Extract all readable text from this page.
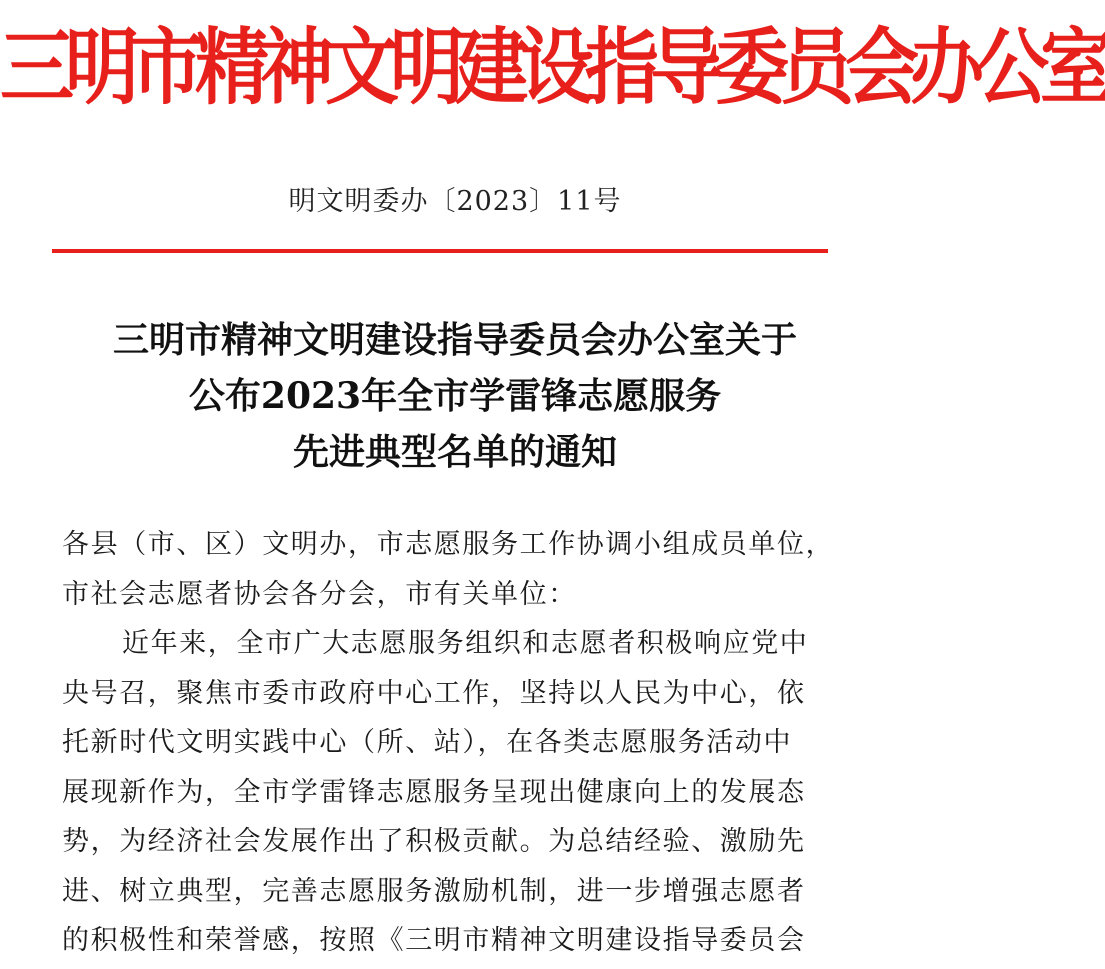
三明市精神文明建设指导委员会办公室
明文明委办〔2023〕11号
三明市精神文明建设指导委员会办公室关于
公布2023年全市学雷锋志愿服务
先进典型名单的通知
各县（市、区）文明办，市志愿服务工作协调小组成员单位，
市社会志愿者协会各分会，市有关单位：
近年来，全市广大志愿服务组织和志愿者积极响应党中
央号召，聚焦市委市政府中心工作，坚持以人民为中心，依
托新时代文明实践中心（所、站），在各类志愿服务活动中
展现新作为，全市学雷锋志愿服务呈现出健康向上的发展态
势，为经济社会发展作出了积极贡献。为总结经验、激励先
进、树立典型，完善志愿服务激励机制，进一步增强志愿者
的积极性和荣誉感，按照《三明市精神文明建设指导委员会
